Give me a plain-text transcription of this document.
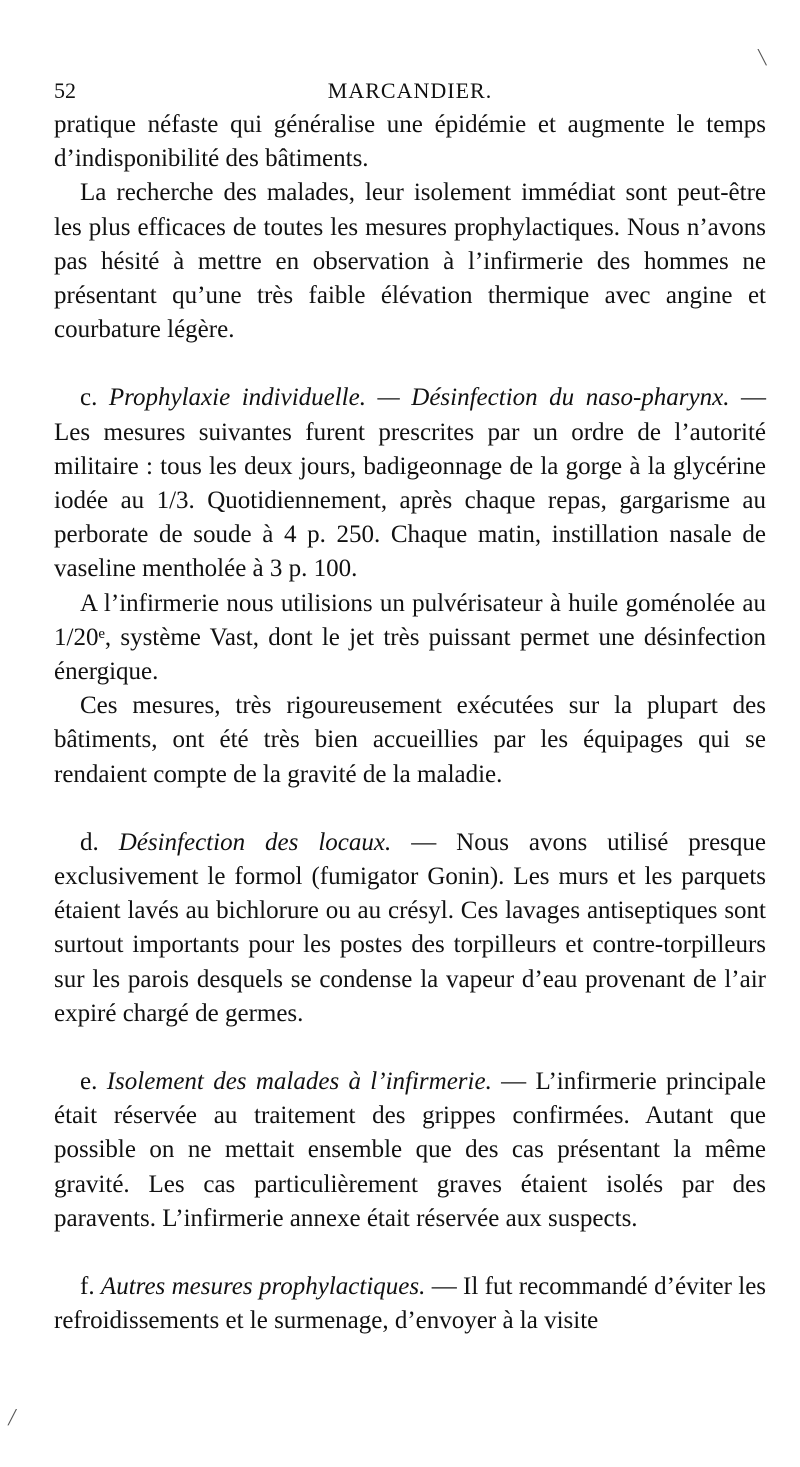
52	MARCANDIER.

pratique néfaste qui généralise une épidémie et augmente le temps d’indisponibilité des bâtiments.

La recherche des malades, leur isolement immédiat sont peut-être les plus efficaces de toutes les mesures prophylactiques. Nous n’avons pas hésité à mettre en observation à l’infirmerie des hommes ne présentant qu’une très faible élévation thermique avec angine et courbature légère.

c. Prophylaxie individuelle. — Désinfection du naso-pharynx. — Les mesures suivantes furent prescrites par un ordre de l’autorité militaire : tous les deux jours, badigeonnage de la gorge à la glycérine iodée au 1/3. Quotidiennement, après chaque repas, gargarisme au perborate de soude à 4 p. 250. Chaque matin, instillation nasale de vaseline mentholée à 3 p. 100.

A l’infirmerie nous utilisions un pulvérisateur à huile goménolée au 1/20ᵉ, système Vast, dont le jet très puissant permet une désinfection énergique.

Ces mesures, très rigoureusement exécutées sur la plupart des bâtiments, ont été très bien accueillies par les équipages qui se rendaient compte de la gravité de la maladie.

d. Désinfection des locaux. — Nous avons utilisé presque exclusivement le formol (fumigator Gonin). Les murs et les parquets étaient lavés au bichlorure ou au crésyl. Ces lavages antiseptiques sont surtout importants pour les postes des torpilleurs et contre-torpilleurs sur les parois desquels se condense la vapeur d’eau provenant de l’air expiré chargé de germes.

e. Isolement des malades à l’infirmerie. — L’infirmerie principale était réservée au traitement des grippes confirmées. Autant que possible on ne mettait ensemble que des cas présentant la même gravité. Les cas particulièrement graves étaient isolés par des paravents. L’infirmerie annexe était réservée aux suspects.

f. Autres mesures prophylactiques. — Il fut recommandé d’éviter les refroidissements et le surmenage, d’envoyer à la visite

╲
╱
